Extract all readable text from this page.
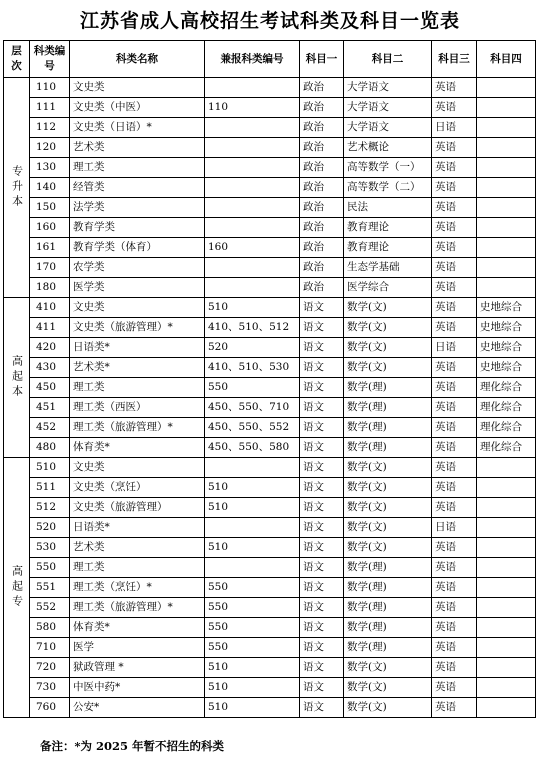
江苏省成人高校招生考试科类及科目一览表
层次	科类编号	科类名称	兼报科类编号	科目一	科目二	科目三	科目四
专升本	110	文史类		政治	大学语文	英语	
	111	文史类（中医）	110	政治	大学语文	英语	
	112	文史类（日语）*		政治	大学语文	日语	
	120	艺术类		政治	艺术概论	英语	
	130	理工类		政治	高等数学（一）	英语	
	140	经管类		政治	高等数学（二）	英语	
	150	法学类		政治	民法	英语	
	160	教育学类		政治	教育理论	英语	
	161	教育学类（体育）	160	政治	教育理论	英语	
	170	农学类		政治	生态学基础	英语	
	180	医学类		政治	医学综合	英语	
高起本	410	文史类	510	语文	数学(文)	英语	史地综合
	411	文史类（旅游管理）*	410、510、512	语文	数学(文)	英语	史地综合
	420	日语类*	520	语文	数学(文)	日语	史地综合
	430	艺术类*	410、510、530	语文	数学(文)	英语	史地综合
	450	理工类	550	语文	数学(理)	英语	理化综合
	451	理工类（西医）	450、550、710	语文	数学(理)	英语	理化综合
	452	理工类（旅游管理）*	450、550、552	语文	数学(理)	英语	理化综合
	480	体育类*	450、550、580	语文	数学(理)	英语	理化综合
高起专	510	文史类		语文	数学(文)	英语	
	511	文史类（烹饪）	510	语文	数学(文)	英语	
	512	文史类（旅游管理）	510	语文	数学(文)	英语	
	520	日语类*		语文	数学(文)	日语	
	530	艺术类	510	语文	数学(文)	英语	
	550	理工类		语文	数学(理)	英语	
	551	理工类（烹饪）*	550	语文	数学(理)	英语	
	552	理工类（旅游管理）*	550	语文	数学(理)	英语	
	580	体育类*	550	语文	数学(理)	英语	
	710	医学	550	语文	数学(理)	英语	
	720	狱政管理 *	510	语文	数学(文)	英语	
	730	中医中药*	510	语文	数学(文)	英语	
	760	公安*	510	语文	数学(文)	英语	
备注：*为 2025 年暂不招生的科类
